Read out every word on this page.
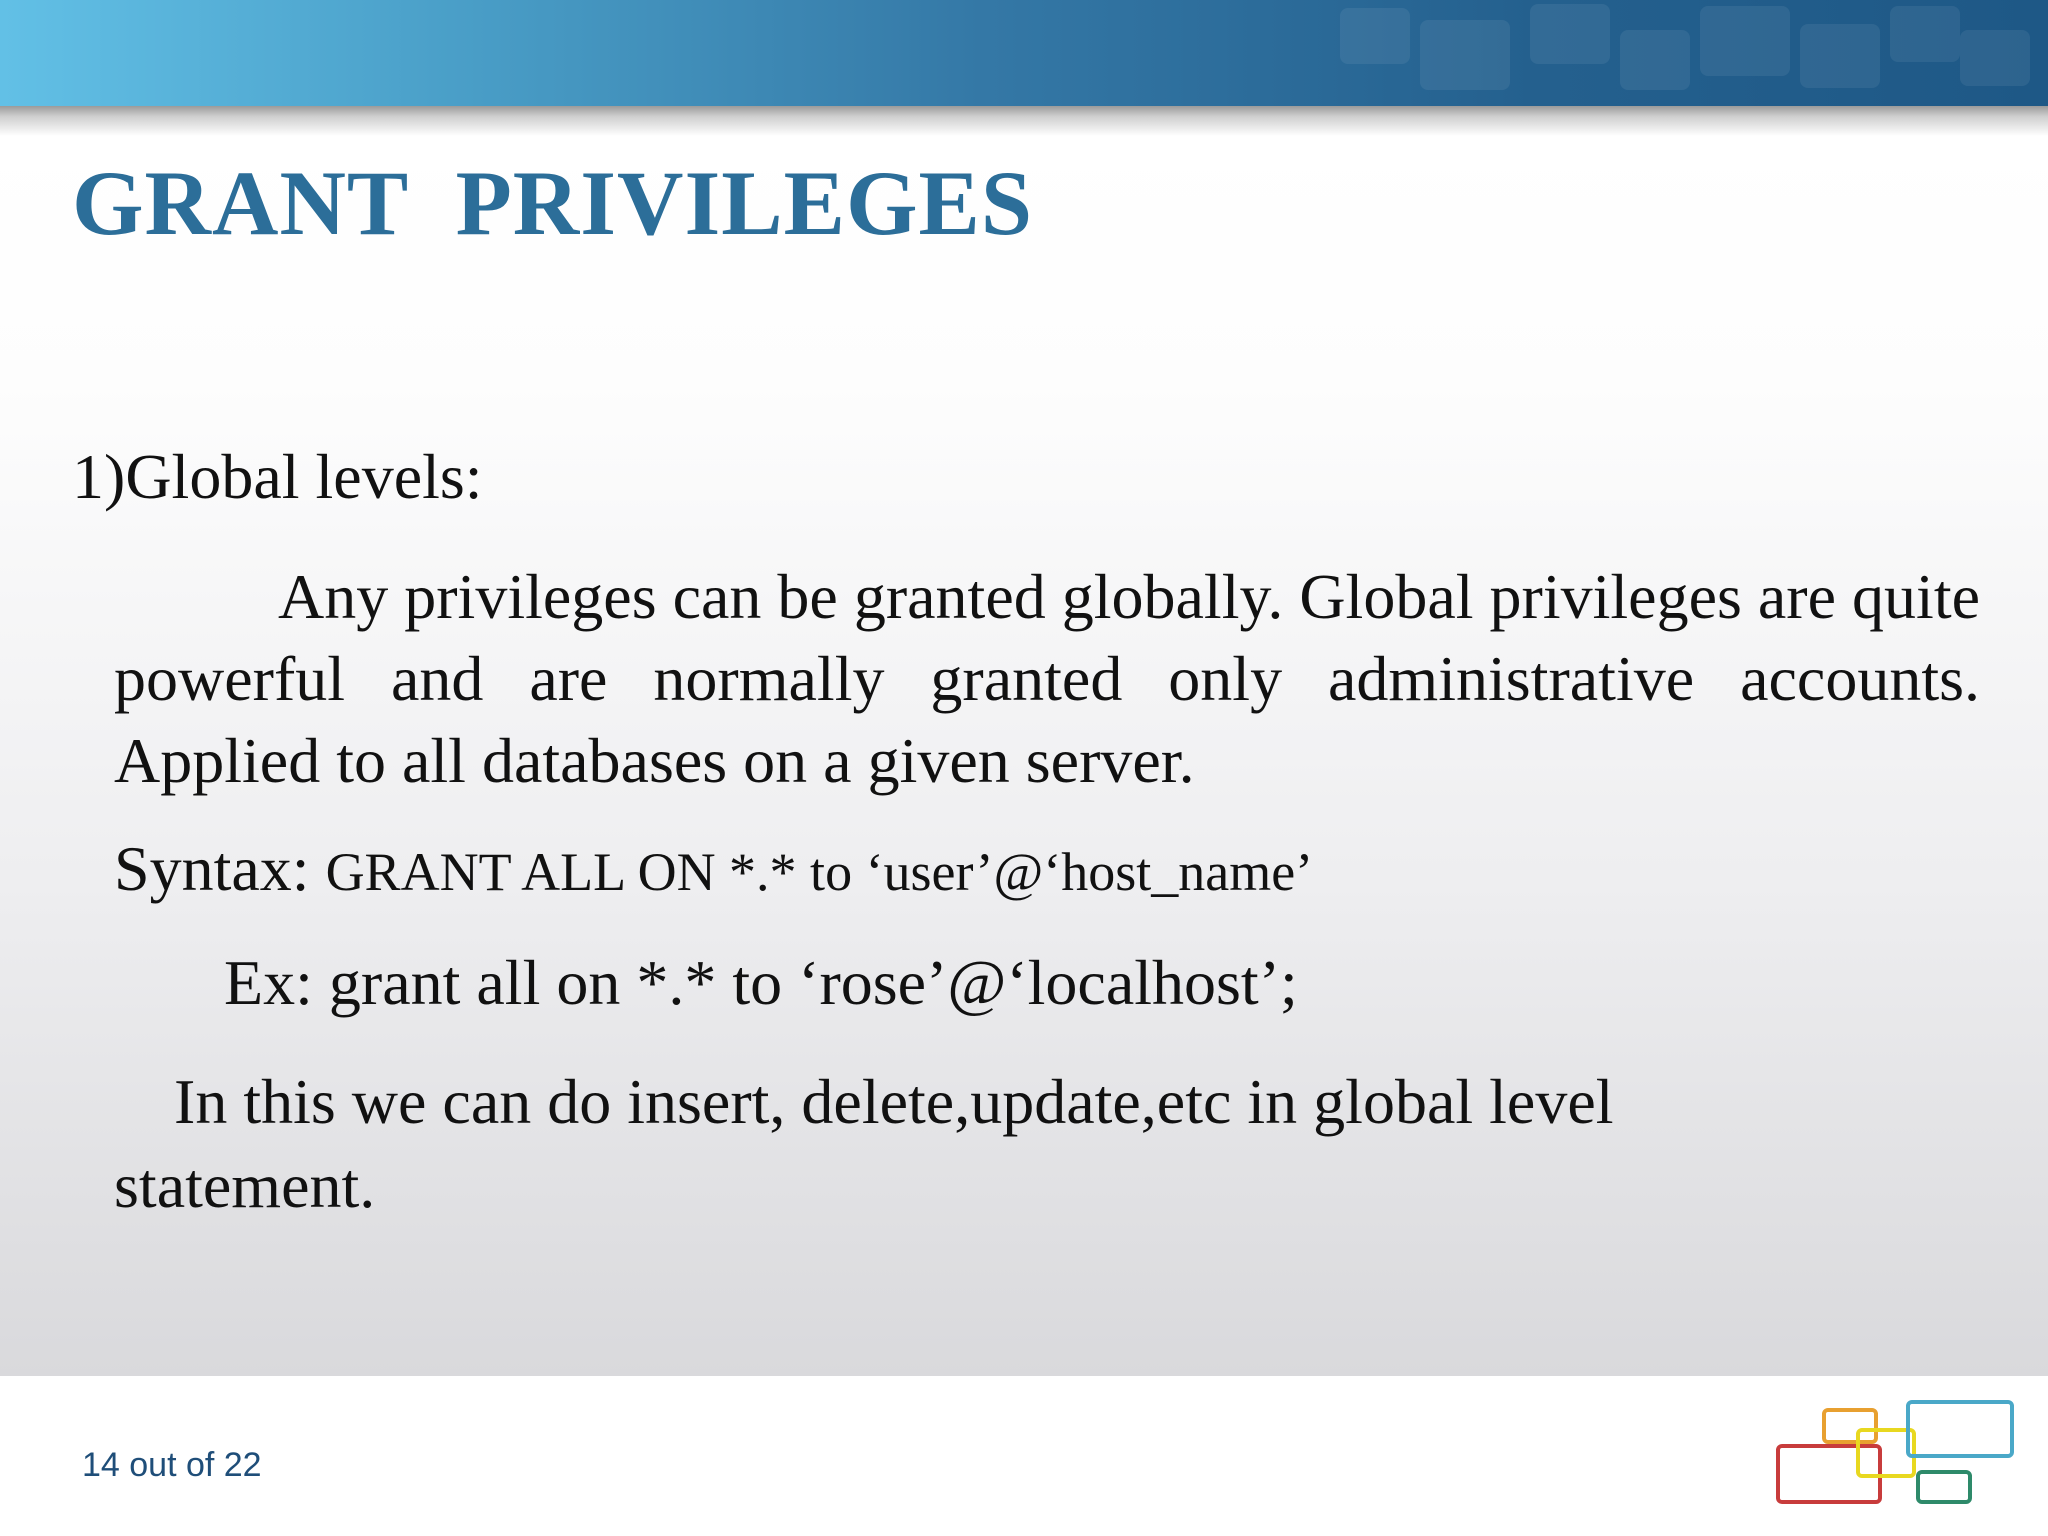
GRANT  PRIVILEGES

1)Global levels:

Any privileges can be granted globally. Global privileges are quite powerful and are normally granted only administrative accounts. Applied to all databases on a given server.

Syntax: GRANT ALL ON *.* to ‘user’@‘host_name’

Ex: grant all on *.* to ‘rose’@‘localhost’;

In this we can do insert, delete,update,etc in global level statement.

14 out of 22
